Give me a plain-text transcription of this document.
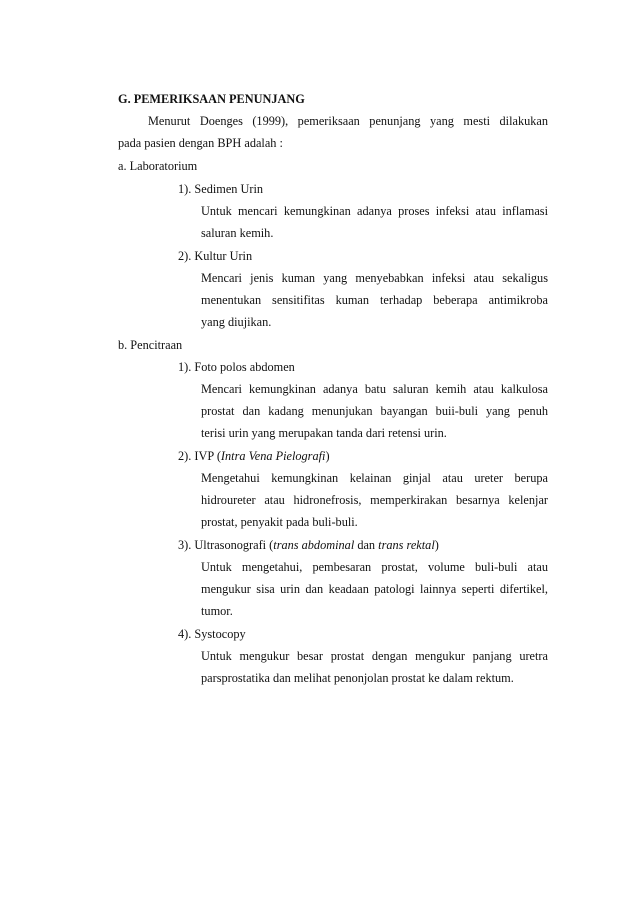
G. PEMERIKSAAN PENUNJANG

Menurut Doenges (1999), pemeriksaan penunjang yang mesti dilakukan

pada pasien dengan BPH adalah :

a. Laboratorium

1). Sedimen Urin

Untuk mencari kemungkinan adanya proses infeksi atau inflamasi

saluran kemih.

2). Kultur Urin

Mencari jenis kuman yang menyebabkan infeksi atau sekaligus

menentukan sensitifitas kuman terhadap beberapa antimikroba

yang diujikan.

b. Pencitraan

1). Foto polos abdomen

Mencari kemungkinan adanya batu saluran kemih atau kalkulosa

prostat dan kadang menunjukan bayangan buii-buli yang penuh

terisi urin yang merupakan tanda dari retensi urin.

2). IVP (Intra Vena Pielografi)

Mengetahui kemungkinan kelainan ginjal atau ureter berupa

hidroureter atau hidronefrosis, memperkirakan besarnya kelenjar

prostat, penyakit pada buli-buli.

3). Ultrasonografi (trans abdominal dan trans rektal)

Untuk mengetahui, pembesaran prostat, volume buli-buli atau

mengukur sisa urin dan keadaan patologi lainnya seperti difertikel,

tumor.

4). Systocopy

Untuk mengukur besar prostat dengan mengukur panjang uretra

parsprostatika dan melihat penonjolan prostat ke dalam rektum.
